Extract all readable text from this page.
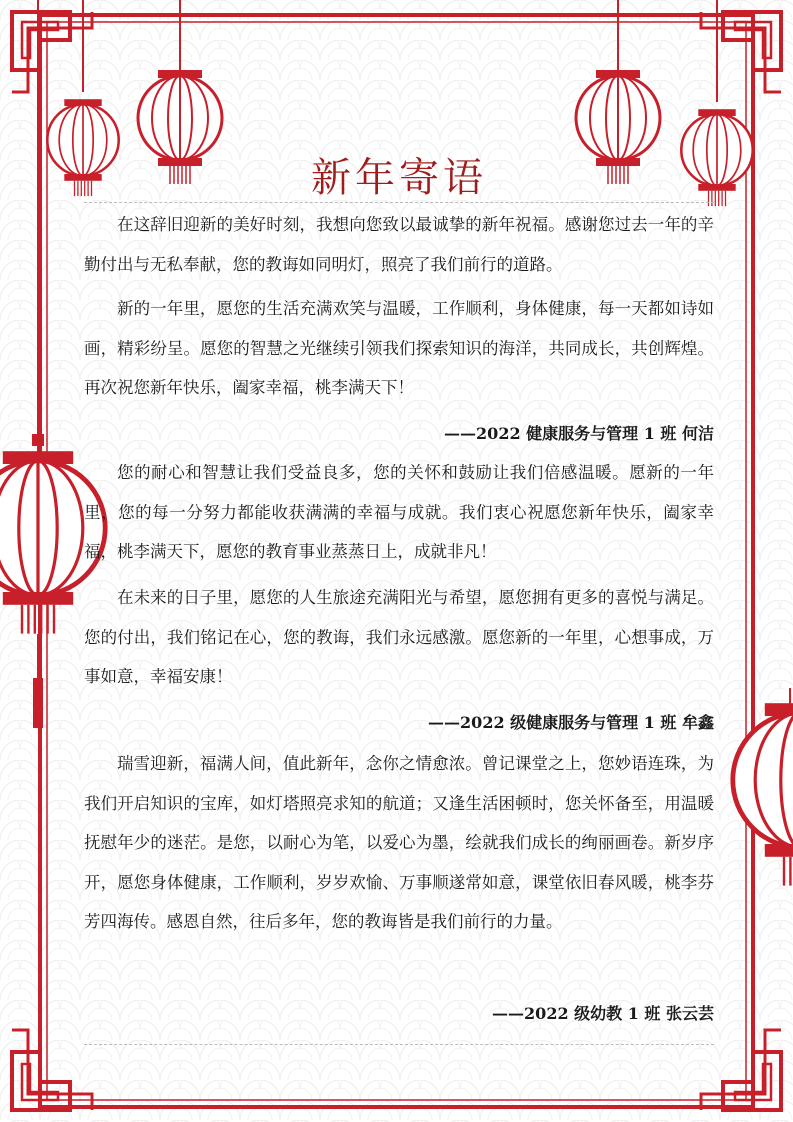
新年寄语

在这辞旧迎新的美好时刻，我想向您致以最诚挚的新年祝福。感谢您过去一年的辛勤付出与无私奉献，您的教诲如同明灯，照亮了我们前行的道路。

新的一年里，愿您的生活充满欢笑与温暖，工作顺利，身体健康，每一天都如诗如画，精彩纷呈。愿您的智慧之光继续引领我们探索知识的海洋，共同成长，共创辉煌。再次祝您新年快乐，阖家幸福，桃李满天下！

——2022 健康服务与管理 1 班 何洁

您的耐心和智慧让我们受益良多，您的关怀和鼓励让我们倍感温暖。愿新的一年里，您的每一分努力都能收获满满的幸福与成就。我们衷心祝愿您新年快乐，阖家幸福，桃李满天下，愿您的教育事业蒸蒸日上，成就非凡！

在未来的日子里，愿您的人生旅途充满阳光与希望，愿您拥有更多的喜悦与满足。您的付出，我们铭记在心，您的教诲，我们永远感激。愿您新的一年里，心想事成，万事如意，幸福安康！

——2022 级健康服务与管理 1 班 牟鑫

瑞雪迎新，福满人间，值此新年，念你之情愈浓。曾记课堂之上，您妙语连珠，为我们开启知识的宝库，如灯塔照亮求知的航道；又逢生活困顿时，您关怀备至，用温暖抚慰年少的迷茫。是您，以耐心为笔，以爱心为墨，绘就我们成长的绚丽画卷。新岁序开，愿您身体健康，工作顺利，岁岁欢愉、万事顺遂常如意，课堂依旧春风暖，桃李芬芳四海传。感恩自然，往后多年，您的教诲皆是我们前行的力量。

——2022 级幼教 1 班 张云芸
